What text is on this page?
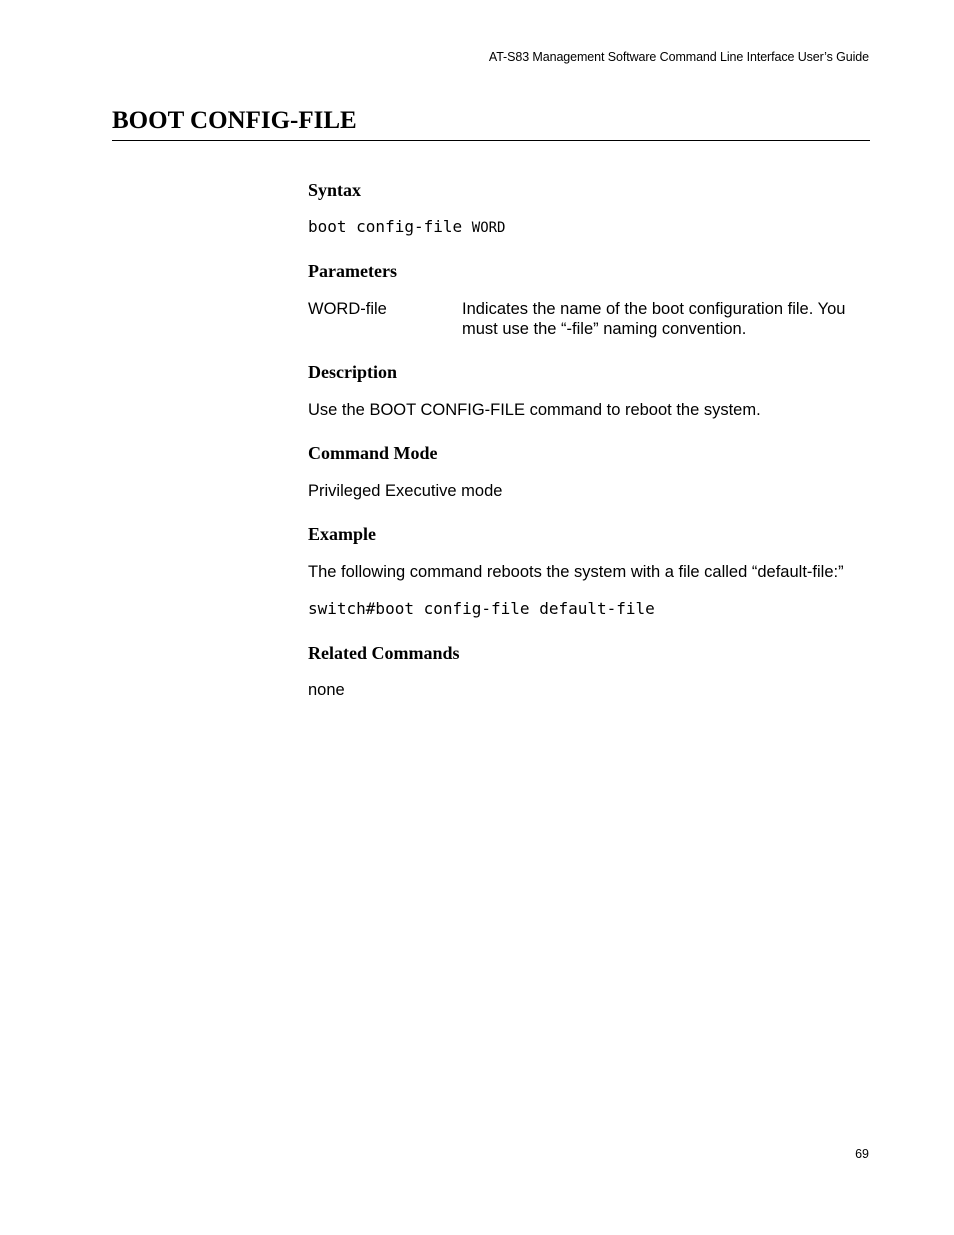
AT-S83 Management Software Command Line Interface User’s Guide
BOOT CONFIG-FILE
Syntax
boot config-file WORD
Parameters
WORD-file	Indicates the name of the boot configuration file. You must use the “-file” naming convention.
Description

Use the BOOT CONFIG-FILE command to reboot the system.

Command Mode

Privileged Executive mode

Example

The following command reboots the system with a file called “default-file:”

switch#boot config-file default-file
Related Commands

none

69
